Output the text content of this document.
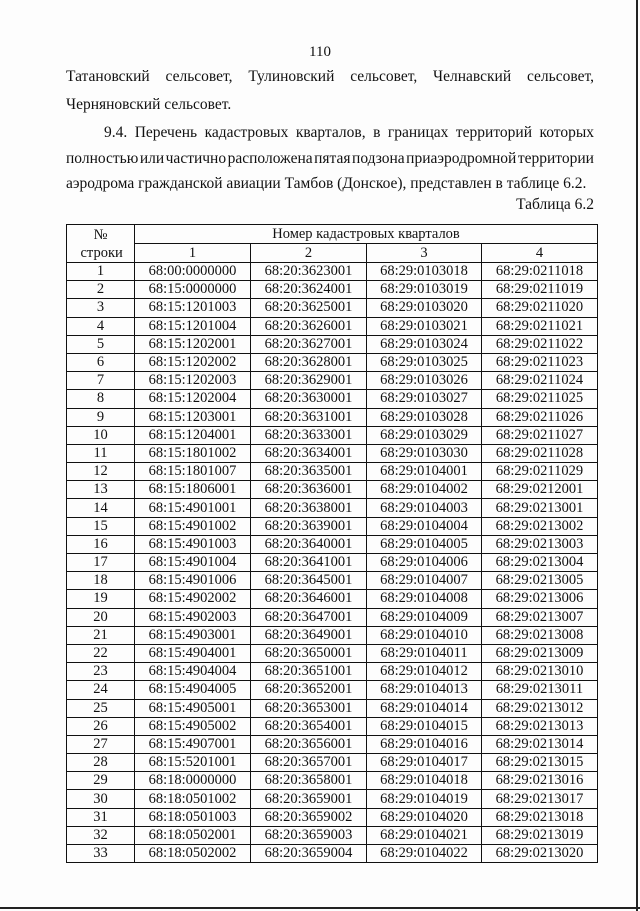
110
Татановский сельсовет, Тулиновский сельсовет, Челнавский сельсовет,
Черняновский сельсовет.
9.4. Перечень кадастровых кварталов, в границах территорий которых
полностью или частично расположена пятая подзона приаэродромной территории
аэродрома гражданской авиации Тамбов (Донское), представлен в таблице 6.2.
Таблица 6.2
№ строки	Номер кадастровых кварталов			
	1	2	3	4
1	68:00:0000000	68:20:3623001	68:29:0103018	68:29:0211018
2	68:15:0000000	68:20:3624001	68:29:0103019	68:29:0211019
3	68:15:1201003	68:20:3625001	68:29:0103020	68:29:0211020
4	68:15:1201004	68:20:3626001	68:29:0103021	68:29:0211021
5	68:15:1202001	68:20:3627001	68:29:0103024	68:29:0211022
6	68:15:1202002	68:20:3628001	68:29:0103025	68:29:0211023
7	68:15:1202003	68:20:3629001	68:29:0103026	68:29:0211024
8	68:15:1202004	68:20:3630001	68:29:0103027	68:29:0211025
9	68:15:1203001	68:20:3631001	68:29:0103028	68:29:0211026
10	68:15:1204001	68:20:3633001	68:29:0103029	68:29:0211027
11	68:15:1801002	68:20:3634001	68:29:0103030	68:29:0211028
12	68:15:1801007	68:20:3635001	68:29:0104001	68:29:0211029
13	68:15:1806001	68:20:3636001	68:29:0104002	68:29:0212001
14	68:15:4901001	68:20:3638001	68:29:0104003	68:29:0213001
15	68:15:4901002	68:20:3639001	68:29:0104004	68:29:0213002
16	68:15:4901003	68:20:3640001	68:29:0104005	68:29:0213003
17	68:15:4901004	68:20:3641001	68:29:0104006	68:29:0213004
18	68:15:4901006	68:20:3645001	68:29:0104007	68:29:0213005
19	68:15:4902002	68:20:3646001	68:29:0104008	68:29:0213006
20	68:15:4902003	68:20:3647001	68:29:0104009	68:29:0213007
21	68:15:4903001	68:20:3649001	68:29:0104010	68:29:0213008
22	68:15:4904001	68:20:3650001	68:29:0104011	68:29:0213009
23	68:15:4904004	68:20:3651001	68:29:0104012	68:29:0213010
24	68:15:4904005	68:20:3652001	68:29:0104013	68:29:0213011
25	68:15:4905001	68:20:3653001	68:29:0104014	68:29:0213012
26	68:15:4905002	68:20:3654001	68:29:0104015	68:29:0213013
27	68:15:4907001	68:20:3656001	68:29:0104016	68:29:0213014
28	68:15:5201001	68:20:3657001	68:29:0104017	68:29:0213015
29	68:18:0000000	68:20:3658001	68:29:0104018	68:29:0213016
30	68:18:0501002	68:20:3659001	68:29:0104019	68:29:0213017
31	68:18:0501003	68:20:3659002	68:29:0104020	68:29:0213018
32	68:18:0502001	68:20:3659003	68:29:0104021	68:29:0213019
33	68:18:0502002	68:20:3659004	68:29:0104022	68:29:0213020
